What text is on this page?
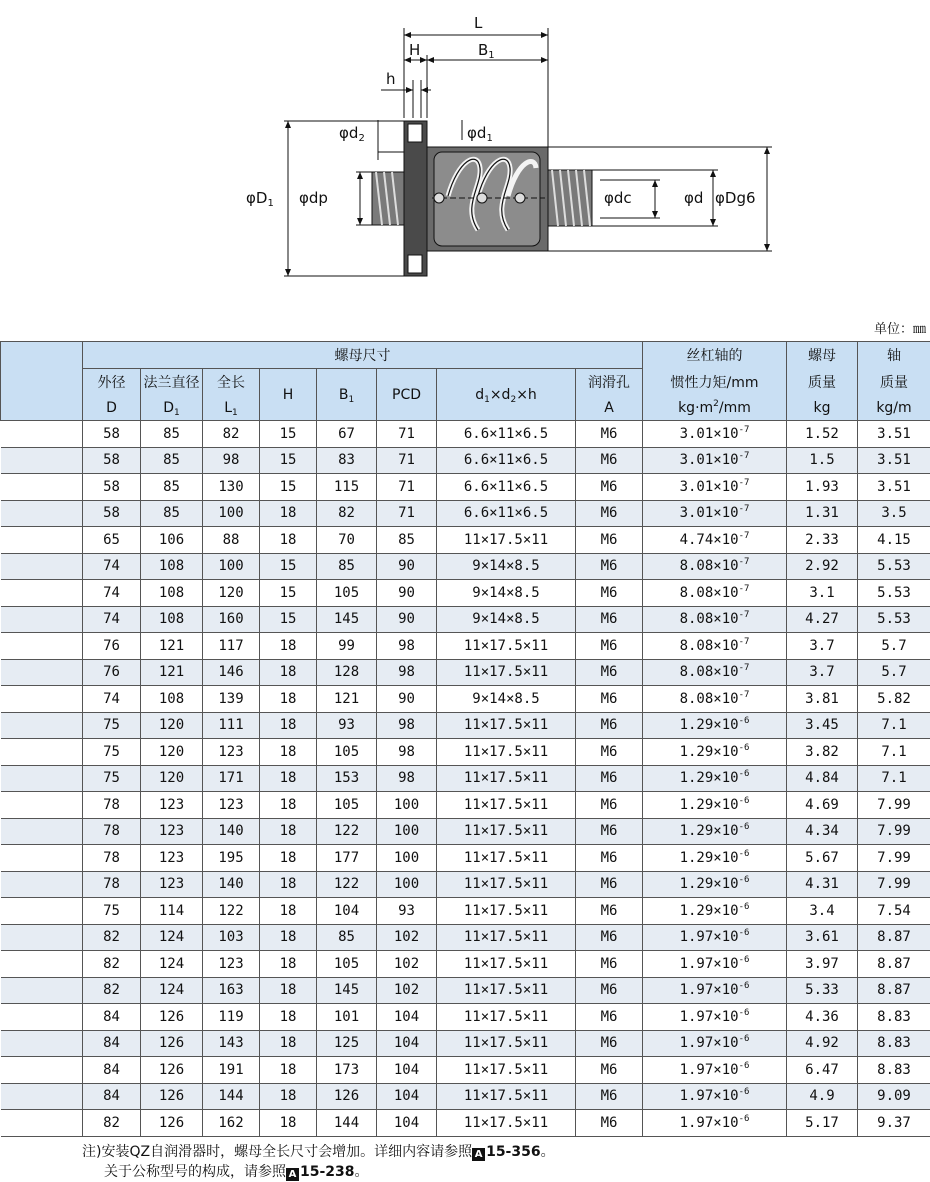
L
H	$B_1$
h
$\varphi d_2$	$\varphi d_1$
$\varphi D_1$ φdp	φdc	φd φDg6
单位：㎜
	螺母尺寸								丝杠轴的	螺母	轴
	外径	法兰直径	全长	H	$B^1$	PCD	$d^1\times d^2\times h$	润滑孔	惯性力矩/mm	质量	质量
	D	$D^1$	$L^1$					A	$kg\cdot m^2/mm$	kg	kg/m
	58	85	82	15	67	71	6.6×11×6.5	M6	$3.01\times 10^{-7}$	1.52	3.51
	58	85	98	15	83	71	6.6×11×6.5	M6	$3.01\times 10^{-7}$	1.5	3.51
	58	85	130	15	115	71	6.6×11×6.5	M6	$3.01\times 10^{-7}$	1.93	3.51
	58	85	100	18	82	71	6.6×11×6.5	M6	$3.01\times 10^{-7}$	1.31	3.5
	65	106	88	18	70	85	11×17.5×11	M6	$4.74\times 10^{-7}$	2.33	4.15
	74	108	100	15	85	90	9×14×8.5	M6	$8.08\times 10^{-7}$	2.92	5.53
	74	108	120	15	105	90	9×14×8.5	M6	$8.08\times 10^{-7}$	3.1	5.53
	74	108	160	15	145	90	9×14×8.5	M6	$8.08\times 10^{-7}$	4.27	5.53
	76	121	117	18	99	98	11×17.5×11	M6	$8.08\times 10^{-7}$	3.7	5.7
	76	121	146	18	128	98	11×17.5×11	M6	$8.08\times 10^{-7}$	3.7	5.7
	74	108	139	18	121	90	9×14×8.5	M6	$8.08\times 10^{-7}$	3.81	5.82
	75	120	111	18	93	98	11×17.5×11	M6	$1.29\times 10^{-6}$	3.45	7.1
	75	120	123	18	105	98	11×17.5×11	M6	$1.29\times 10^{-6}$	3.82	7.1
	75	120	171	18	153	98	11×17.5×11	M6	$1.29\times 10^{-6}$	4.84	7.1
	78	123	123	18	105	100	11×17.5×11	M6	$1.29\times 10^{-6}$	4.69	7.99
	78	123	140	18	122	100	11×17.5×11	M6	$1.29\times 10^{-6}$	4.34	7.99
	78	123	195	18	177	100	11×17.5×11	M6	$1.29\times 10^{-6}$	5.67	7.99
	78	123	140	18	122	100	11×17.5×11	M6	$1.29\times 10^{-6}$	4.31	7.99
	75	114	122	18	104	93	11×17.5×11	M6	$1.29\times 10^{-6}$	3.4	7.54
	82	124	103	18	85	102	11×17.5×11	M6	$1.97\times 10^{-6}$	3.61	8.87
	82	124	123	18	105	102	11×17.5×11	M6	$1.97\times 10^{-6}$	3.97	8.87
	82	124	163	18	145	102	11×17.5×11	M6	$1.97\times 10^{-6}$	5.33	8.87
	84	126	119	18	101	104	11×17.5×11	M6	$1.97\times 10^{-6}$	4.36	8.83
	84	126	143	18	125	104	11×17.5×11	M6	$1.97\times 10^{-6}$	4.92	8.83
	84	126	191	18	173	104	11×17.5×11	M6	$1.97\times 10^{-6}$	6.47	8.83
	84	126	144	18	126	104	11×17.5×11	M6	$1.97\times 10^{-6}$	4.9	9.09
	82	126	162	18	144	104	11×17.5×11	M6	$1.97\times 10^{-6}$	5.17	9.37
注)安装QZ自润滑器时，螺母全长尺寸会增加。详细内容请参照 A 15-356。
关于公称型号的构成，请参照 A 15-238。
